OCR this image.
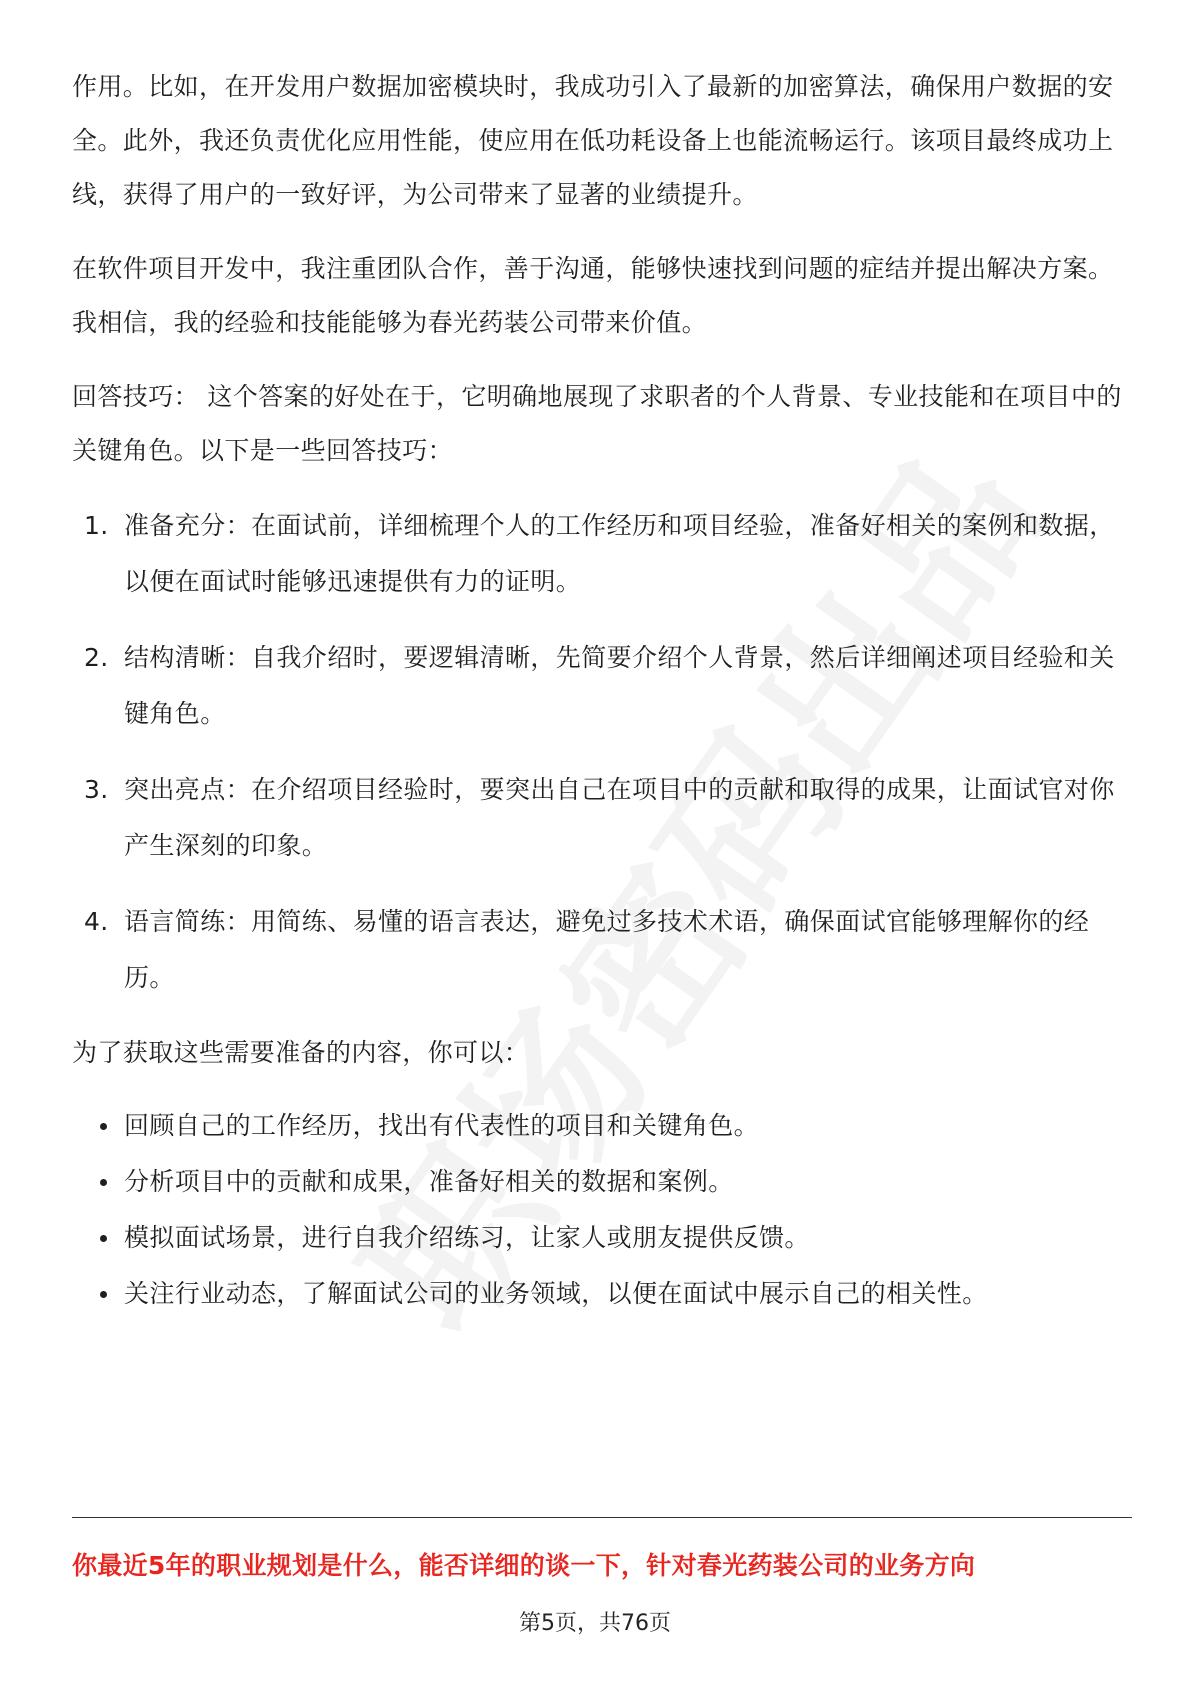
作用。比如，在开发用户数据加密模块时，我成功引入了最新的加密算法，确保用户数据的安全。此外，我还负责优化应用性能，使应用在低功耗设备上也能流畅运行。该项目最终成功上线，获得了用户的一致好评，为公司带来了显著的业绩提升。

在软件项目开发中，我注重团队合作，善于沟通，能够快速找到问题的症结并提出解决方案。我相信，我的经验和技能能够为春光药装公司带来价值。

回答技巧： 这个答案的好处在于，它明确地展现了求职者的个人背景、专业技能和在项目中的关键角色。以下是一些回答技巧：

1. 准备充分：在面试前，详细梳理个人的工作经历和项目经验，准备好相关的案例和数据，以便在面试时能够迅速提供有力的证明。
2. 结构清晰：自我介绍时，要逻辑清晰，先简要介绍个人背景，然后详细阐述项目经验和关键角色。
3. 突出亮点：在介绍项目经验时，要突出自己在项目中的贡献和取得的成果，让面试官对你产生深刻的印象。
4. 语言简练：用简练、易懂的语言表达，避免过多技术术语，确保面试官能够理解你的经历。

为了获取这些需要准备的内容，你可以：

回顾自己的工作经历，找出有代表性的项目和关键角色。
分析项目中的贡献和成果，准备好相关的数据和案例。
模拟面试场景，进行自我介绍练习，让家人或朋友提供反馈。
关注行业动态，了解面试公司的业务领域，以便在面试中展示自己的相关性。
你最近5年的职业规划是什么，能否详细的谈一下，针对春光药装公司的业务方向
第5页，共76页
